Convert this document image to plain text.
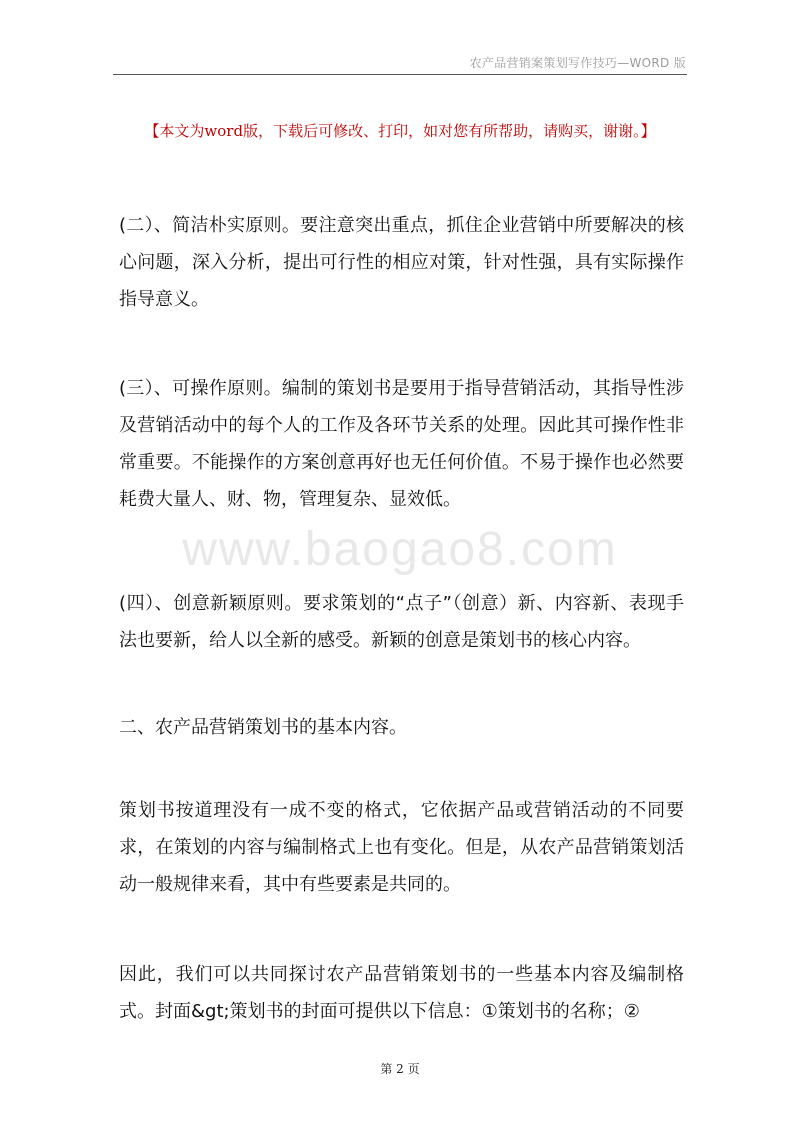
农产品营销案策划写作技巧—WORD 版
【本文为word版，下载后可修改、打印，如对您有所帮助，请购买，谢谢。】

(二）、简洁朴实原则。要注意突出重点，抓住企业营销中所要解决的核心问题，深入分析，提出可行性的相应对策，针对性强，具有实际操作指导意义。

(三）、可操作原则。编制的策划书是要用于指导营销活动，其指导性涉及营销活动中的每个人的工作及各环节关系的处理。因此其可操作性非常重要。不能操作的方案创意再好也无任何价值。不易于操作也必然要耗费大量人、财、物，管理复杂、显效低。

(四）、创意新颖原则。要求策划的“点子”（创意）新、内容新、表现手法也要新，给人以全新的感受。新颖的创意是策划书的核心内容。

二、农产品营销策划书的基本内容。

策划书按道理没有一成不变的格式，它依据产品或营销活动的不同要求，在策划的内容与编制格式上也有变化。但是，从农产品营销策划活动一般规律来看，其中有些要素是共同的。

因此，我们可以共同探讨农产品营销策划书的一些基本内容及编制格式。封面&gt;策划书的封面可提供以下信息：①策划书的名称；②

www.baogao8.com
第 2 页
